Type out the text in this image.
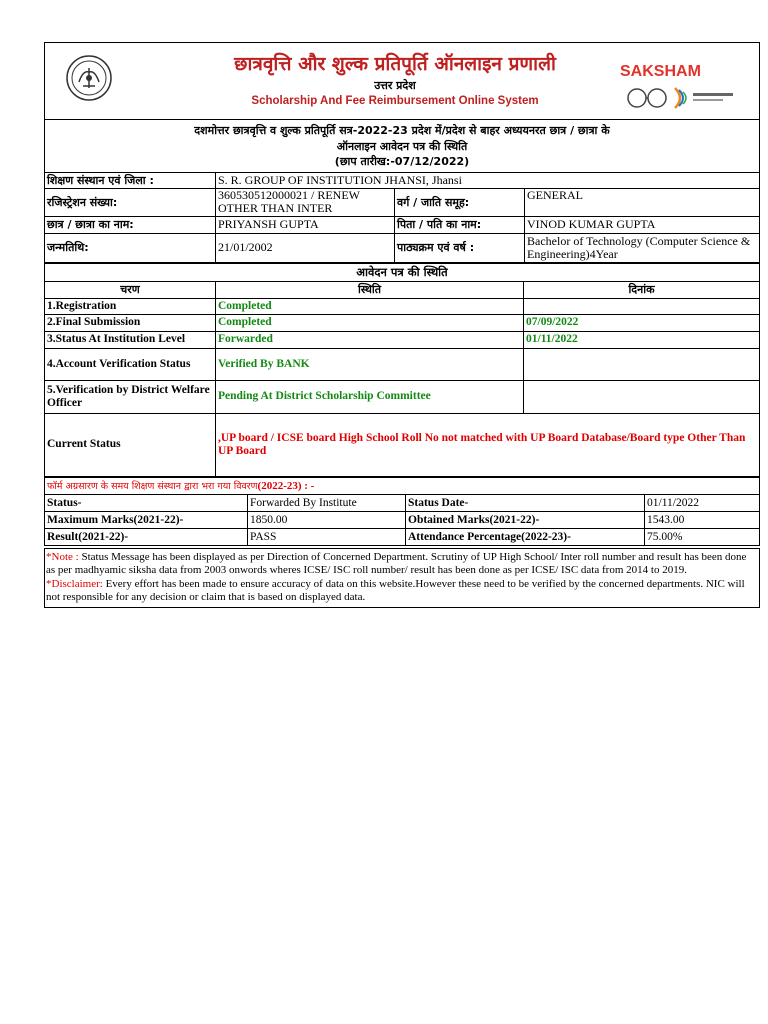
छात्रवृत्ति और शुल्क प्रतिपूर्ति ऑनलाइन प्रणाली
उत्तर प्रदेश
Scholarship And Fee Reimbursement Online System
SAKSHAM
दशमोत्तर छात्रवृत्ति व शुल्क प्रतिपूर्ति सत्र-2022-23 प्रदेश में/प्रदेश से बाहर अध्ययनरत छात्र / छात्रा के
ऑनलाइन आवेदन पत्र की स्थिति
(छाप तारीख:-07/12/2022)
शिक्षण संस्थान एवं जिला :	S. R. GROUP OF INSTITUTION JHANSI, Jhansi		
रजिस्ट्रेशन संख्या:	360530512000021 / RENEW OTHER THAN INTER	वर्ग / जाति समूह:	GENERAL
छात्र / छात्रा का नाम:	PRIYANSH GUPTA	पिता / पति का नाम:	VINOD KUMAR GUPTA
जन्मतिथि:	21/01/2002	पाठ्यक्रम एवं वर्ष :	Bachelor of Technology (Computer Science & Engineering)4Year
आवेदन पत्र की स्थिति		
चरण	स्थिति	दिनांक
1.Registration	Completed	
2.Final Submission	Completed	07/09/2022
3.Status At Institution Level	Forwarded	01/11/2022
4.Account Verification Status	Verified By BANK	
5.Verification by District Welfare Officer	Pending At District Scholarship Committee	
Current Status	,UP board / ICSE board High School Roll No not matched with UP Board Database/Board type Other Than UP Board	
फॉर्म अग्रसारण के समय शिक्षण संस्थान द्वारा भरा गया विवरण(2022-23) : -
Status-	Forwarded By Institute	Status Date-	01/11/2022
Maximum Marks(2021-22)-	1850.00	Obtained Marks(2021-22)-	1543.00
Result(2021-22)-	PASS	Attendance Percentage(2022-23)-	75.00%
*Note : Status Message has been displayed as per Direction of Concerned Department. Scrutiny of UP High School/ Inter roll number and result has been done as per madhyamic siksha data from 2003 onwords wheres ICSE/ ISC roll number/ result has been done as per ICSE/ ISC data from 2014 to 2019.
*Disclaimer: Every effort has been made to ensure accuracy of data on this website.However these need to be verified by the concerned departments. NIC will not responsible for any decision or claim that is based on displayed data.
